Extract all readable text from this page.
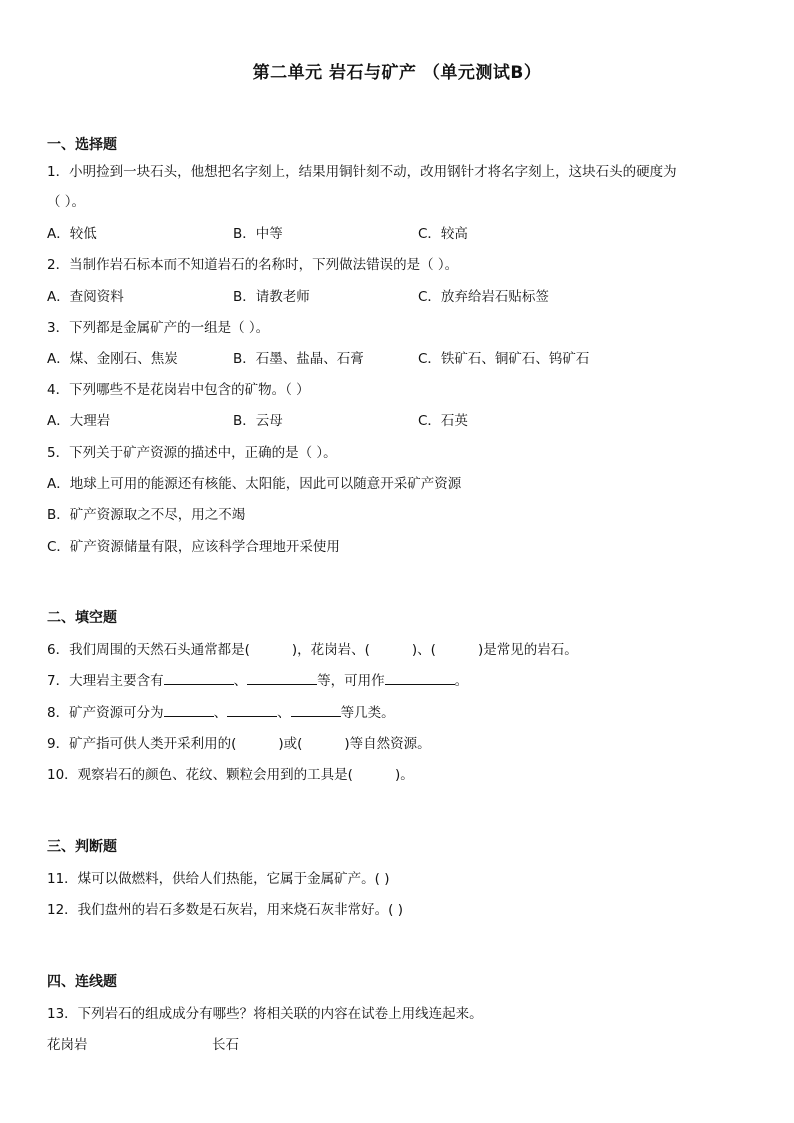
第二单元 岩石与矿产 （单元测试B）
一、选择题
1．小明捡到一块石头，他想把名字刻上，结果用铜针刻不动，改用钢针才将名字刻上，这块石头的硬度为
（ ）。
A．较低	B．中等	C．较高
2．当制作岩石标本而不知道岩石的名称时，下列做法错误的是（ ）。
A．查阅资料	B．请教老师	C．放弃给岩石贴标签
3．下列都是金属矿产的一组是（ ）。
A．煤、金刚石、焦炭	B．石墨、盐晶、石膏	C．铁矿石、铜矿石、钨矿石
4．下列哪些不是花岗岩中包含的矿物。（ ）
A．大理岩	B．云母	C．石英
5．下列关于矿产资源的描述中，正确的是（ ）。
A．地球上可用的能源还有核能、太阳能，因此可以随意开采矿产资源
B．矿产资源取之不尽，用之不竭
C．矿产资源储量有限，应该科学合理地开采使用
二、填空题
6．我们周围的天然石头通常都是(	)，花岗岩、(	)、(	)是常见的岩石。
7．大理岩主要含有	、	等，可用作	。
8．矿产资源可分为	、	、	等几类。
9．矿产指可供人类开采利用的(	)或(	)等自然资源。
10．观察岩石的颜色、花纹、颗粒会用到的工具是(	)。
三、判断题
11．煤可以做燃料，供给人们热能，它属于金属矿产。( )
12．我们盘州的岩石多数是石灰岩，用来烧石灰非常好。( )
四、连线题
13．下列岩石的组成成分有哪些？将相关联的内容在试卷上用线连起来。
花岗岩	长石
